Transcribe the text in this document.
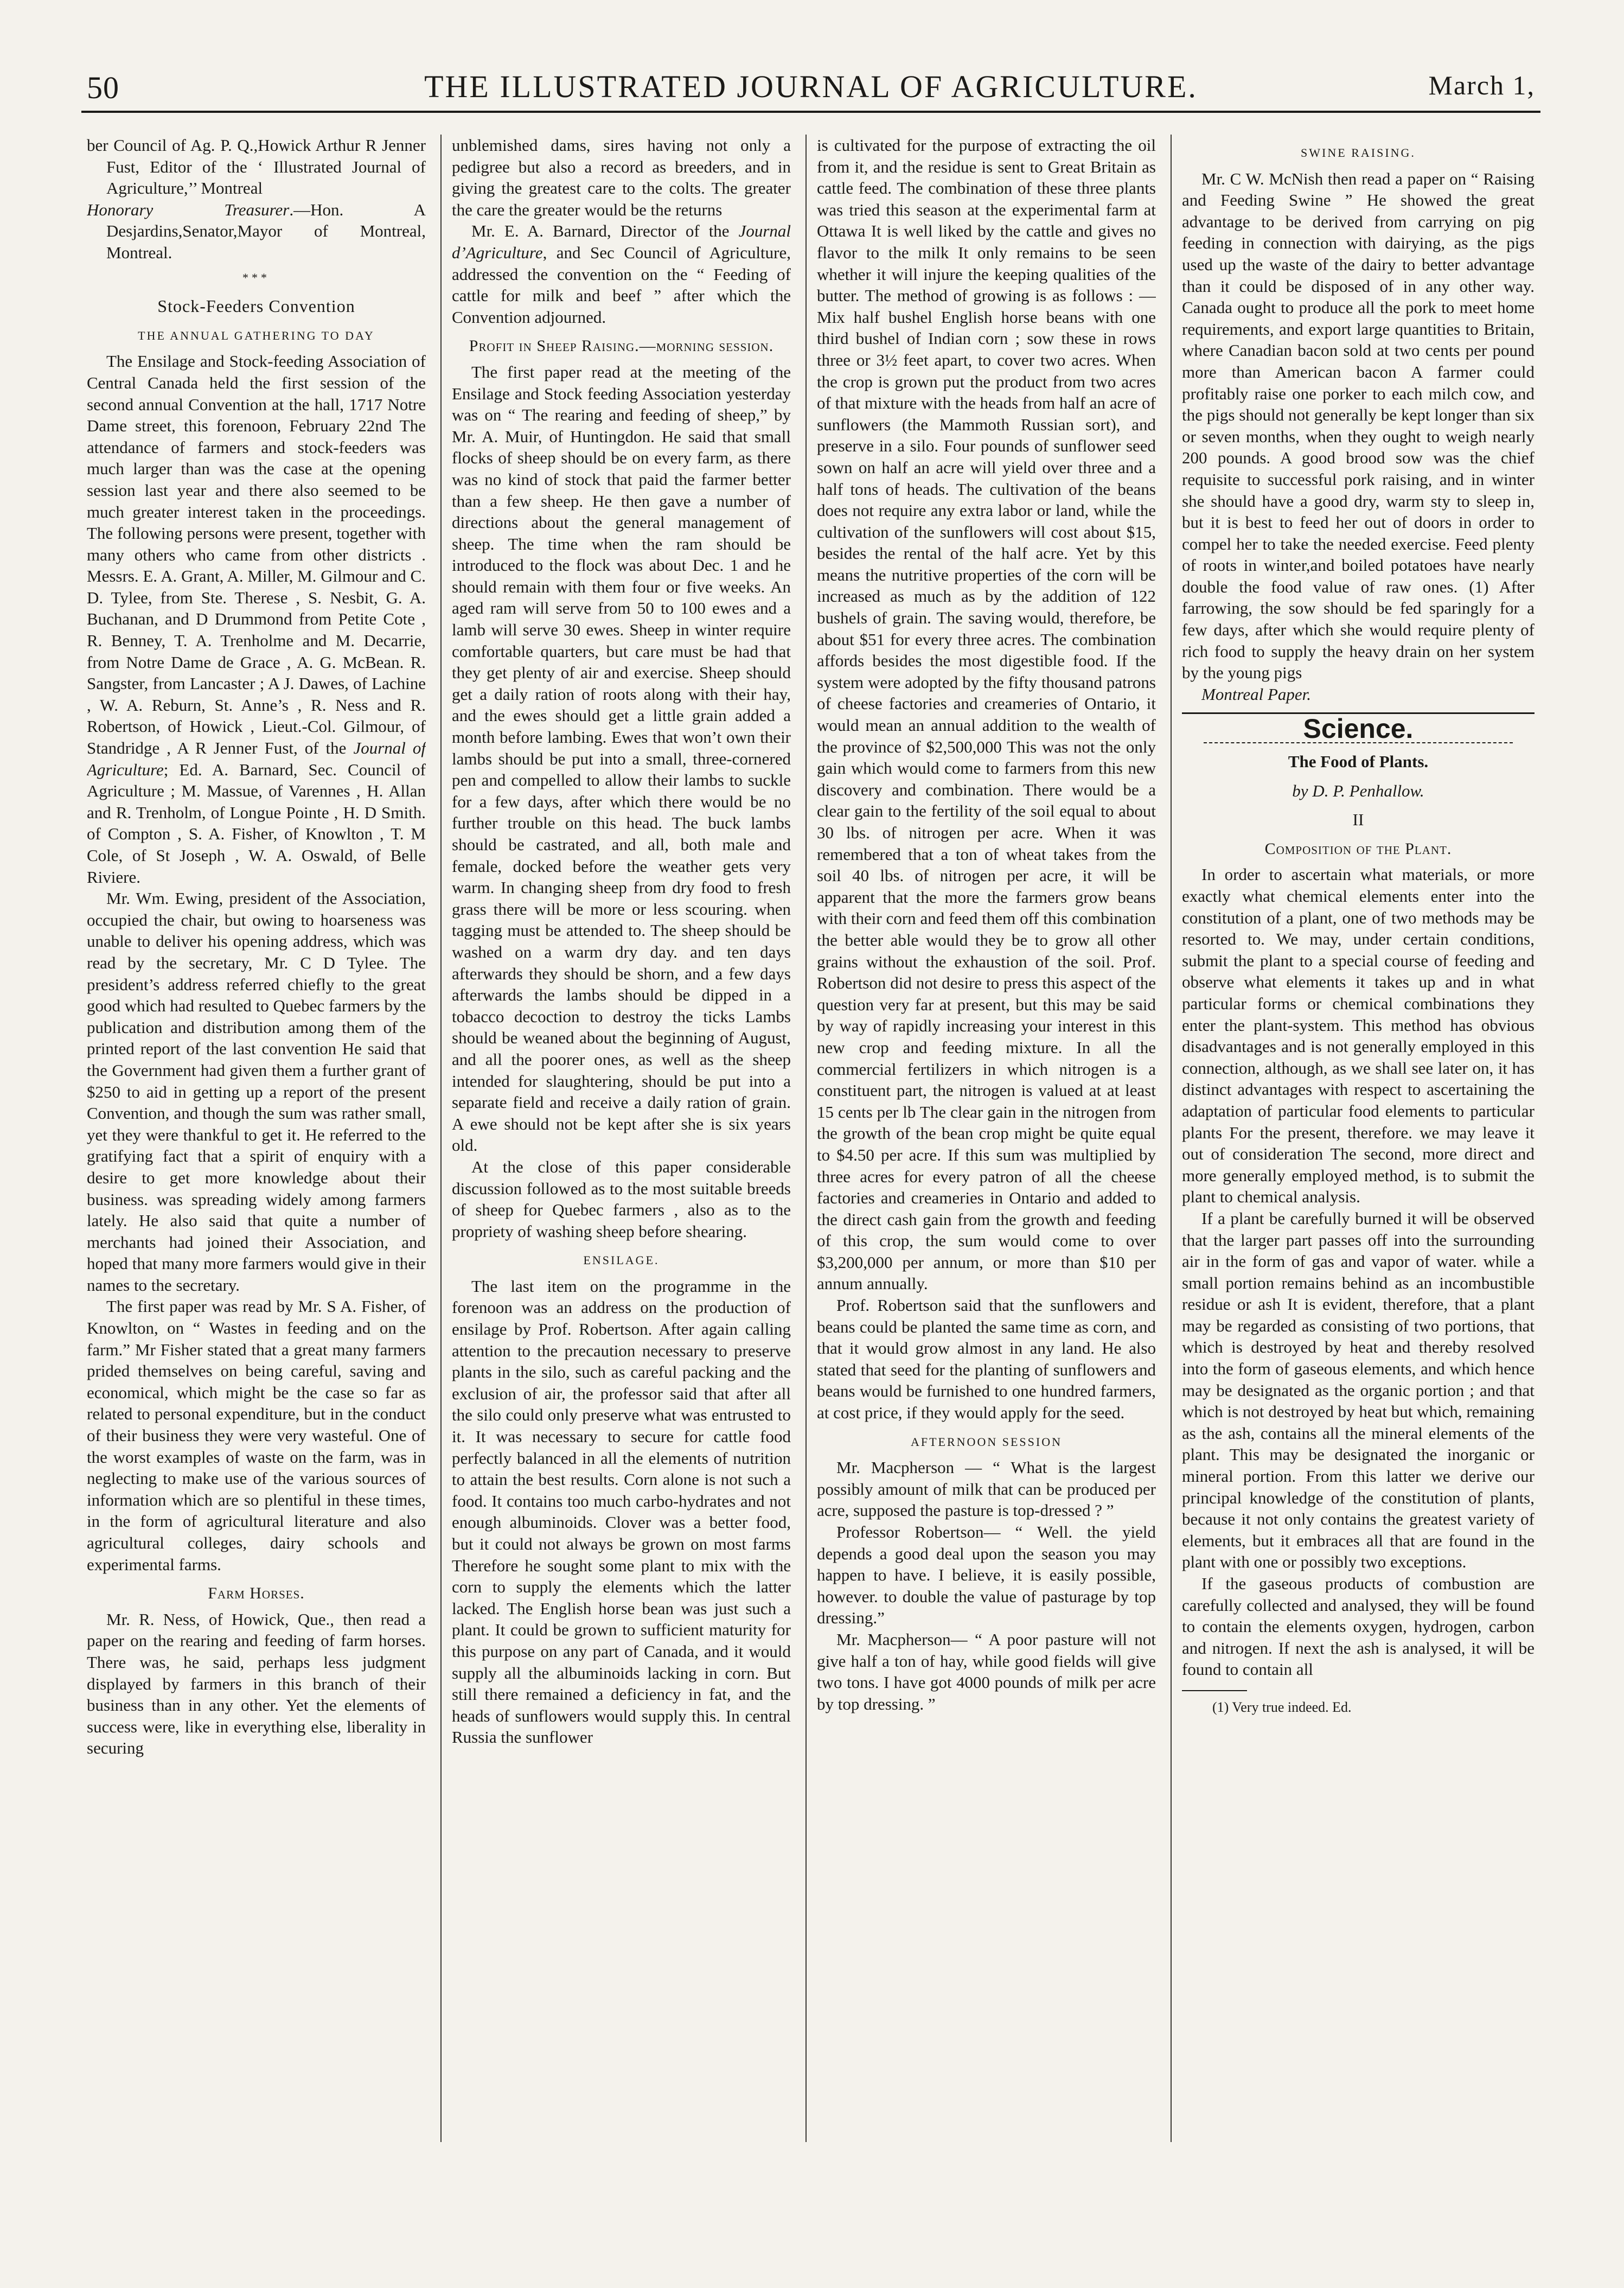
50	THE ILLUSTRATED JOURNAL OF AGRICULTURE.	March 1,

ber Council of Ag. P. Q.,Howick Arthur R Jenner Fust, Editor of the ‘ Illustrated Journal of Agriculture,’’ Montreal

Honorary Treasurer.—Hon. A Desjardins,Senator,Mayor of Montreal, Montreal.

***
Stock-Feeders Convention
THE ANNUAL GATHERING TO DAY

The Ensilage and Stock-feeding Association of Central Canada held the first session of the second annual Convention at the hall, 1717 Notre Dame street, this forenoon, February 22nd The attendance of farmers and stock-feeders was much larger than was the case at the opening session last year and there also seemed to be much greater interest taken in the proceedings. The following persons were present, together with many others who came from other districts . Messrs. E. A. Grant, A. Miller, M. Gilmour and C. D. Tylee, from Ste. Therese , S. Nesbit, G. A. Buchanan, and D Drummond from Petite Cote , R. Benney, T. A. Trenholme and M. Decarrie, from Notre Dame de Grace , A. G. McBean. R. Sangster, from Lancaster ; A J. Dawes, of Lachine , W. A. Reburn, St. Anne’s , R. Ness and R. Robertson, of Howick , Lieut.-Col. Gilmour, of Standridge , A R Jenner Fust, of the Journal of Agriculture; Ed. A. Barnard, Sec. Council of Agriculture ; M. Massue, of Varennes , H. Allan and R. Trenholm, of Longue Pointe , H. D Smith. of Compton , S. A. Fisher, of Knowlton , T. M Cole, of St Joseph , W. A. Oswald, of Belle Riviere.

Mr. Wm. Ewing, president of the Association, occupied the chair, but owing to hoarseness was unable to deliver his opening address, which was read by the secretary, Mr. C D Tylee. The president’s address referred chiefly to the great good which had resulted to Quebec farmers by the publication and distribution among them of the printed report of the last convention He said that the Government had given them a further grant of $250 to aid in getting up a report of the present Convention, and though the sum was rather small, yet they were thankful to get it. He referred to the gratifying fact that a spirit of enquiry with a desire to get more knowledge about their business. was spreading widely among farmers lately. He also said that quite a number of merchants had joined their Association, and hoped that many more farmers would give in their names to the secretary.

The first paper was read by Mr. S A. Fisher, of Knowlton, on “ Wastes in feeding and on the farm.” Mr Fisher stated that a great many farmers prided themselves on being careful, saving and economical, which might be the case so far as related to personal expenditure, but in the conduct of their business they were very wasteful. One of the worst examples of waste on the farm, was in neglecting to make use of the various sources of information which are so plentiful in these times, in the form of agricultural literature and also agricultural colleges, dairy schools and experimental farms.

Farm Horses.

Mr. R. Ness, of Howick, Que., then read a paper on the rearing and feeding of farm horses. There was, he said, perhaps less judgment displayed by farmers in this branch of their business than in any other. Yet the elements of success were, like in everything else, liberality in securing

unblemished dams, sires having not only a pedigree but also a record as breeders, and in giving the greatest care to the colts. The greater the care the greater would be the returns

Mr. E. A. Barnard, Director of the Journal d’Agriculture, and Sec Council of Agriculture, addressed the convention on the “ Feeding of cattle for milk and beef ” after which the Convention adjourned.

Profit in Sheep Raising.—morning session.

The first paper read at the meeting of the Ensilage and Stock feeding Association yesterday was on “ The rearing and feeding of sheep,” by Mr. A. Muir, of Huntingdon. He said that small flocks of sheep should be on every farm, as there was no kind of stock that paid the farmer better than a few sheep. He then gave a number of directions about the general management of sheep. The time when the ram should be introduced to the flock was about Dec. 1 and he should remain with them four or five weeks. An aged ram will serve from 50 to 100 ewes and a lamb will serve 30 ewes. Sheep in winter require comfortable quarters, but care must be had that they get plenty of air and exercise. Sheep should get a daily ration of roots along with their hay, and the ewes should get a little grain added a month before lambing. Ewes that won’t own their lambs should be put into a small, three-cornered pen and compelled to allow their lambs to suckle for a few days, after which there would be no further trouble on this head. The buck lambs should be castrated, and all, both male and female, docked before the weather gets very warm. In changing sheep from dry food to fresh grass there will be more or less scouring. when tagging must be attended to. The sheep should be washed on a warm dry day. and ten days afterwards they should be shorn, and a few days afterwards the lambs should be dipped in a tobacco decoction to destroy the ticks Lambs should be weaned about the beginning of August, and all the poorer ones, as well as the sheep intended for slaughtering, should be put into a separate field and receive a daily ration of grain. A ewe should not be kept after she is six years old.

At the close of this paper considerable discussion followed as to the most suitable breeds of sheep for Quebec farmers , also as to the propriety of washing sheep before shearing.

ENSILAGE.

The last item on the programme in the forenoon was an address on the production of ensilage by Prof. Robertson. After again calling attention to the precaution necessary to preserve plants in the silo, such as careful packing and the exclusion of air, the professor said that after all the silo could only preserve what was entrusted to it. It was necessary to secure for cattle food perfectly balanced in all the elements of nutrition to attain the best results. Corn alone is not such a food. It contains too much carbo-hydrates and not enough albuminoids. Clover was a better food, but it could not always be grown on most farms Therefore he sought some plant to mix with the corn to supply the elements which the latter lacked. The English horse bean was just such a plant. It could be grown to sufficient maturity for this purpose on any part of Canada, and it would supply all the albuminoids lacking in corn. But still there remained a deficiency in fat, and the heads of sunflowers would supply this. In central Russia the sunflower

is cultivated for the purpose of extracting the oil from it, and the residue is sent to Great Britain as cattle feed. The combination of these three plants was tried this season at the experimental farm at Ottawa It is well liked by the cattle and gives no flavor to the milk It only remains to be seen whether it will injure the keeping qualities of the butter. The method of growing is as follows : — Mix half bushel English horse beans with one third bushel of Indian corn ; sow these in rows three or 3½ feet apart, to cover two acres. When the crop is grown put the product from two acres of that mixture with the heads from half an acre of sunflowers (the Mammoth Russian sort), and preserve in a silo. Four pounds of sunflower seed sown on half an acre will yield over three and a half tons of heads. The cultivation of the beans does not require any extra labor or land, while the cultivation of the sunflowers will cost about $15, besides the rental of the half acre. Yet by this means the nutritive properties of the corn will be increased as much as by the addition of 122 bushels of grain. The saving would, therefore, be about $51 for every three acres. The combination affords besides the most digestible food. If the system were adopted by the fifty thousand patrons of cheese factories and creameries of Ontario, it would mean an annual addition to the wealth of the province of $2,500,000 This was not the only gain which would come to farmers from this new discovery and combination. There would be a clear gain to the fertility of the soil equal to about 30 lbs. of nitrogen per acre. When it was remembered that a ton of wheat takes from the soil 40 lbs. of nitrogen per acre, it will be apparent that the more the farmers grow beans with their corn and feed them off this combination the better able would they be to grow all other grains without the exhaustion of the soil. Prof. Robertson did not desire to press this aspect of the question very far at present, but this may be said by way of rapidly increasing your interest in this new crop and feeding mixture. In all the commercial fertilizers in which nitrogen is a constituent part, the nitrogen is valued at at least 15 cents per lb The clear gain in the nitrogen from the growth of the bean crop might be quite equal to $4.50 per acre. If this sum was multiplied by three acres for every patron of all the cheese factories and creameries in Ontario and added to the direct cash gain from the growth and feeding of this crop, the sum would come to over $3,200,000 per annum, or more than $10 per annum annually.

Prof. Robertson said that the sunflowers and beans could be planted the same time as corn, and that it would grow almost in any land. He also stated that seed for the planting of sunflowers and beans would be furnished to one hundred farmers, at cost price, if they would apply for the seed.

AFTERNOON SESSION

Mr. Macpherson — “ What is the largest possibly amount of milk that can be produced per acre, supposed the pasture is top-dressed ? ”

Professor Robertson— “ Well. the yield depends a good deal upon the season you may happen to have. I believe, it is easily possible, however. to double the value of pasturage by top dressing.”

Mr. Macpherson— “ A poor pasture will not give half a ton of hay, while good fields will give two tons. I have got 4000 pounds of milk per acre by top dressing. ”

SWINE RAISING.

Mr. C W. McNish then read a paper on “ Raising and Feeding Swine ” He showed the great advantage to be derived from carrying on pig feeding in connection with dairying, as the pigs used up the waste of the dairy to better advantage than it could be disposed of in any other way. Canada ought to produce all the pork to meet home requirements, and export large quantities to Britain, where Canadian bacon sold at two cents per pound more than American bacon A farmer could profitably raise one porker to each milch cow, and the pigs should not generally be kept longer than six or seven months, when they ought to weigh nearly 200 pounds. A good brood sow was the chief requisite to successful pork raising, and in winter she should have a good dry, warm sty to sleep in, but it is best to feed her out of doors in order to compel her to take the needed exercise. Feed plenty of roots in winter,and boiled potatoes have nearly double the food value of raw ones. (1) After farrowing, the sow should be fed sparingly for a few days, after which she would require plenty of rich food to supply the heavy drain on her system by the young pigs

Montreal Paper.

Science.
The Food of Plants.
by D. P. Penhallow.
II
Composition of the Plant.

In order to ascertain what materials, or more exactly what chemical elements enter into the constitution of a plant, one of two methods may be resorted to. We may, under certain conditions, submit the plant to a special course of feeding and observe what elements it takes up and in what particular forms or chemical combinations they enter the plant-system. This method has obvious disadvantages and is not generally employed in this connection, although, as we shall see later on, it has distinct advantages with respect to ascertaining the adaptation of particular food elements to particular plants For the present, therefore. we may leave it out of consideration The second, more direct and more generally employed method, is to submit the plant to chemical analysis.

If a plant be carefully burned it will be observed that the larger part passes off into the surrounding air in the form of gas and vapor of water. while a small portion remains behind as an incombustible residue or ash It is evident, therefore, that a plant may be regarded as consisting of two portions, that which is destroyed by heat and thereby resolved into the form of gaseous elements, and which hence may be designated as the organic portion ; and that which is not destroyed by heat but which, remaining as the ash, contains all the mineral elements of the plant. This may be designated the inorganic or mineral portion. From this latter we derive our principal knowledge of the constitution of plants, because it not only contains the greatest variety of elements, but it embraces all that are found in the plant with one or possibly two exceptions.

If the gaseous products of combustion are carefully collected and analysed, they will be found to contain the elements oxygen, hydrogen, carbon and nitrogen. If next the ash is analysed, it will be found to contain all

(1) Very true indeed. Ed.
